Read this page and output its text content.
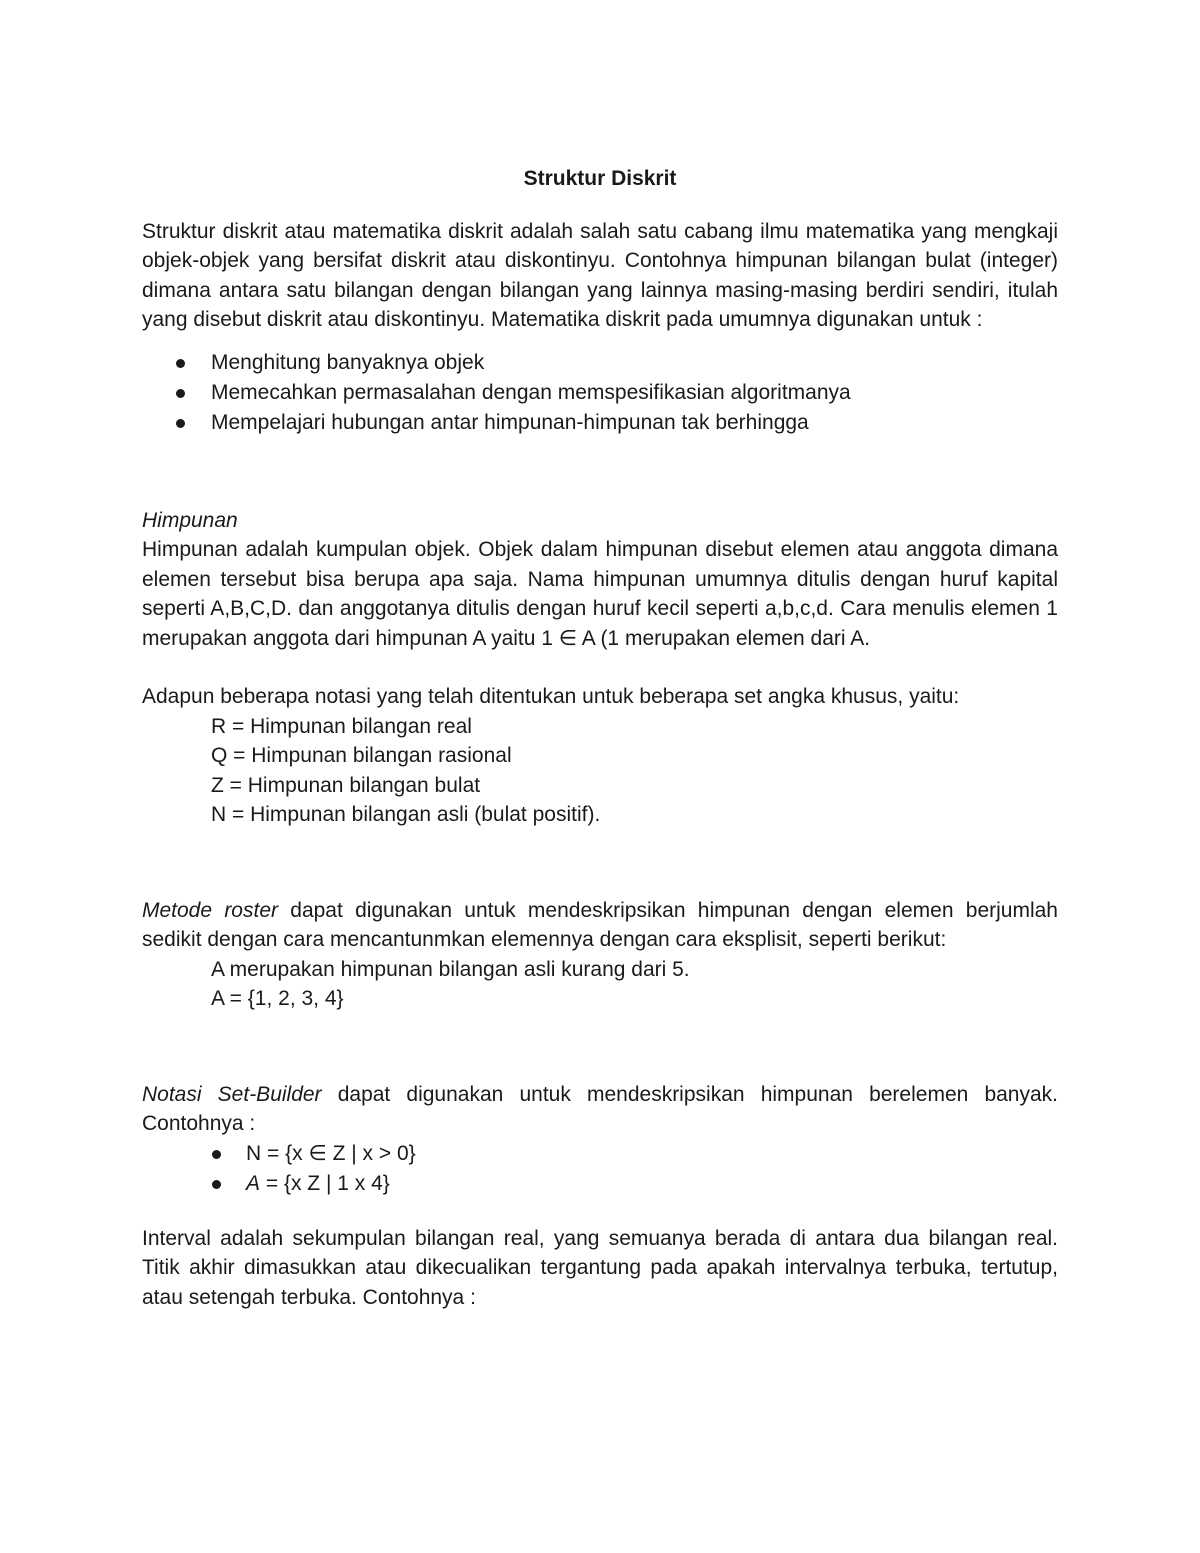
Struktur Diskrit

Struktur diskrit atau matematika diskrit adalah salah satu cabang ilmu matematika yang mengkaji objek-objek yang bersifat diskrit atau diskontinyu. Contohnya himpunan bilangan bulat (integer) dimana antara satu bilangan dengan bilangan yang lainnya masing-masing berdiri sendiri, itulah yang disebut diskrit atau diskontinyu. Matematika diskrit pada umumnya digunakan untuk :

Menghitung banyaknya objek
Memecahkan permasalahan dengan memspesifikasian algoritmanya
Mempelajari hubungan antar himpunan-himpunan tak berhingga

Himpunan

Himpunan adalah kumpulan objek. Objek dalam himpunan disebut elemen atau anggota dimana elemen tersebut bisa berupa apa saja. Nama himpunan umumnya ditulis dengan huruf kapital seperti A,B,C,D. dan anggotanya ditulis dengan huruf kecil seperti a,b,c,d. Cara menulis elemen 1 merupakan anggota dari himpunan A yaitu 1 ∈ A (1 merupakan elemen dari A.

Adapun beberapa notasi yang telah ditentukan untuk beberapa set angka khusus, yaitu:

R = Himpunan bilangan real

Q = Himpunan bilangan rasional

Z = Himpunan bilangan bulat

N = Himpunan bilangan asli (bulat positif).

Metode roster dapat digunakan untuk mendeskripsikan himpunan dengan elemen berjumlah sedikit dengan cara mencantunmkan elemennya dengan cara eksplisit, seperti berikut:

A merupakan himpunan bilangan asli kurang dari 5.

A = {1, 2, 3, 4}

Notasi Set-Builder dapat digunakan untuk mendeskripsikan himpunan berelemen banyak. Contohnya :

N = {x ∈ Z | x > 0}
A = {x Z | 1 x 4}

Interval adalah sekumpulan bilangan real, yang semuanya berada di antara dua bilangan real. Titik akhir dimasukkan atau dikecualikan tergantung pada apakah intervalnya terbuka, tertutup, atau setengah terbuka. Contohnya :
